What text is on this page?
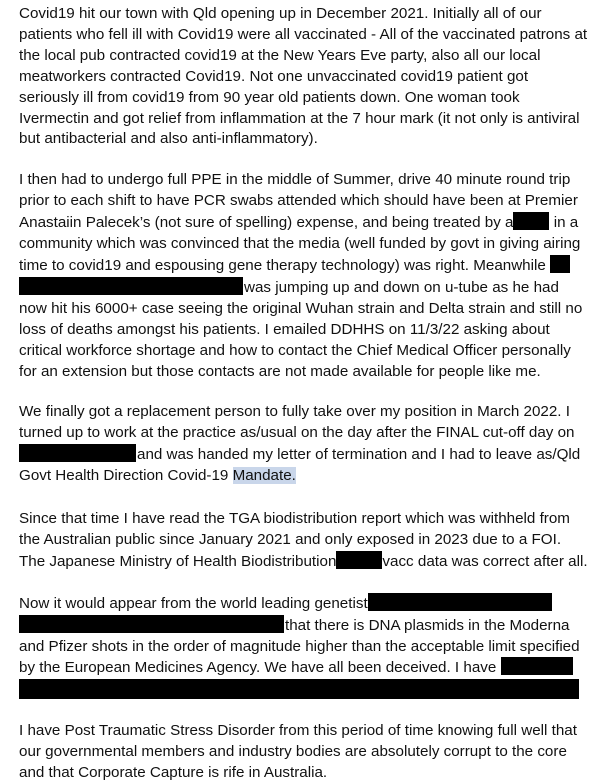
Covid19 hit our town with Qld opening up in December 2021. Initially all of our
patients who fell ill with Covid19 were all vaccinated - All of the vaccinated patrons at
the local pub contracted covid19 at the New Years Eve party, also all our local
meatworkers contracted Covid19. Not one unvaccinated covid19 patient got
seriously ill from covid19 from 90 year old patients down. One woman took
Ivermectin and got relief from inflammation at the 7 hour mark (it not only is antiviral
but antibacterial and also anti-inflammatory).

I then had to undergo full PPE in the middle of Summer, drive 40 minute round trip
prior to each shift to have PCR swabs attended which should have been at Premier
Anastaiin Palecek’s (not sure of spelling) expense, and being treated by a	in a
community which was convinced that the media (well funded by govt in giving airing
time to covid19 and espousing gene therapy technology) was right. Meanwhile
was jumping up and down on u-tube as he had
now hit his 6000+ case seeing the original Wuhan strain and Delta strain and still no
loss of deaths amongst his patients. I emailed DDHHS on 11/3/22 asking about
critical workforce shortage and how to contact the Chief Medical Officer personally
for an extension but those contacts are not made available for people like me.

We finally got a replacement person to fully take over my position in March 2022. I
turned up to work at the practice as/usual on the day after the FINAL cut-off day on
and was handed my letter of termination and I had to leave as/Qld
Govt Health Direction Covid-19 Mandate.

Since that time I have read the TGA biodistribution report which was withheld from
the Australian public since January 2021 and only exposed in 2023 due to a FOI.
The Japanese Ministry of Health Biodistribution	vacc data was correct after all.

Now it would appear from the world leading genetist
that there is DNA plasmids in the Moderna
and Pfizer shots in the order of magnitude higher than the acceptable limit specified
by the European Medicines Agency. We have all been deceived. I have

I have Post Traumatic Stress Disorder from this period of time knowing full well that
our governmental members and industry bodies are absolutely corrupt to the core
and that Corporate Capture is rife in Australia.
